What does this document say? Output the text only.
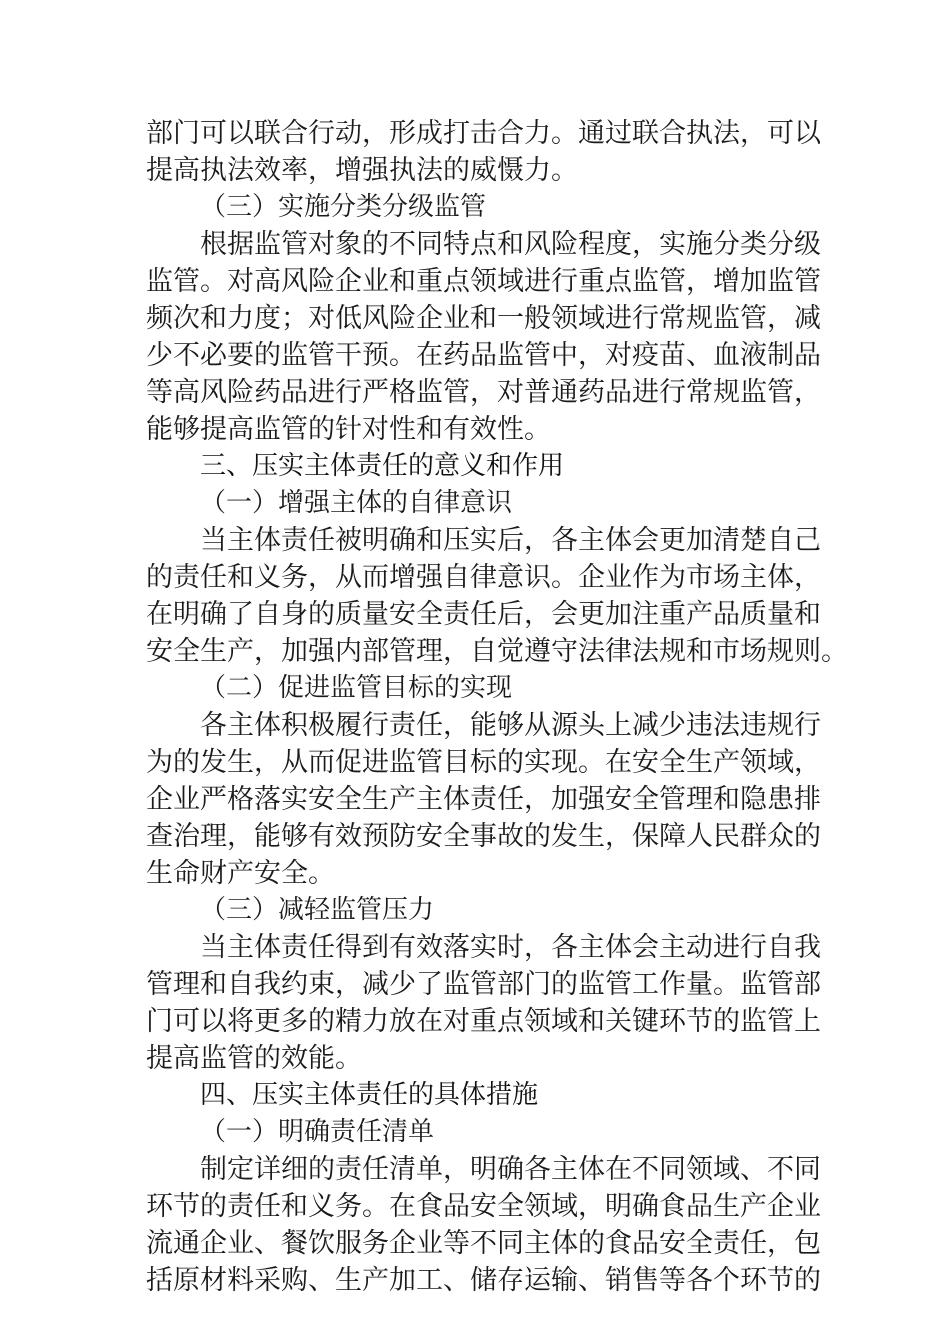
部门可以联合行动，形成打击合力。通过联合执法，可以
提高执法效率，增强执法的威慑力。
（三）实施分类分级监管
根据监管对象的不同特点和风险程度，实施分类分级
监管。对高风险企业和重点领域进行重点监管，增加监管
频次和力度；对低风险企业和一般领域进行常规监管，减
少不必要的监管干预。在药品监管中，对疫苗、血液制品
等高风险药品进行严格监管，对普通药品进行常规监管，
能够提高监管的针对性和有效性。
三、压实主体责任的意义和作用
（一）增强主体的自律意识
当主体责任被明确和压实后，各主体会更加清楚自己
的责任和义务，从而增强自律意识。企业作为市场主体，
在明确了自身的质量安全责任后，会更加注重产品质量和
安全生产，加强内部管理，自觉遵守法律法规和市场规则。
（二）促进监管目标的实现
各主体积极履行责任，能够从源头上减少违法违规行
为的发生，从而促进监管目标的实现。在安全生产领域，
企业严格落实安全生产主体责任，加强安全管理和隐患排
查治理，能够有效预防安全事故的发生，保障人民群众的
生命财产安全。
（三）减轻监管压力
当主体责任得到有效落实时，各主体会主动进行自我
管理和自我约束，减少了监管部门的监管工作量。监管部
门可以将更多的精力放在对重点领域和关键环节的监管上
提高监管的效能。
四、压实主体责任的具体措施
（一）明确责任清单
制定详细的责任清单，明确各主体在不同领域、不同
环节的责任和义务。在食品安全领域，明确食品生产企业
流通企业、餐饮服务企业等不同主体的食品安全责任，包
括原材料采购、生产加工、储存运输、销售等各个环节的
